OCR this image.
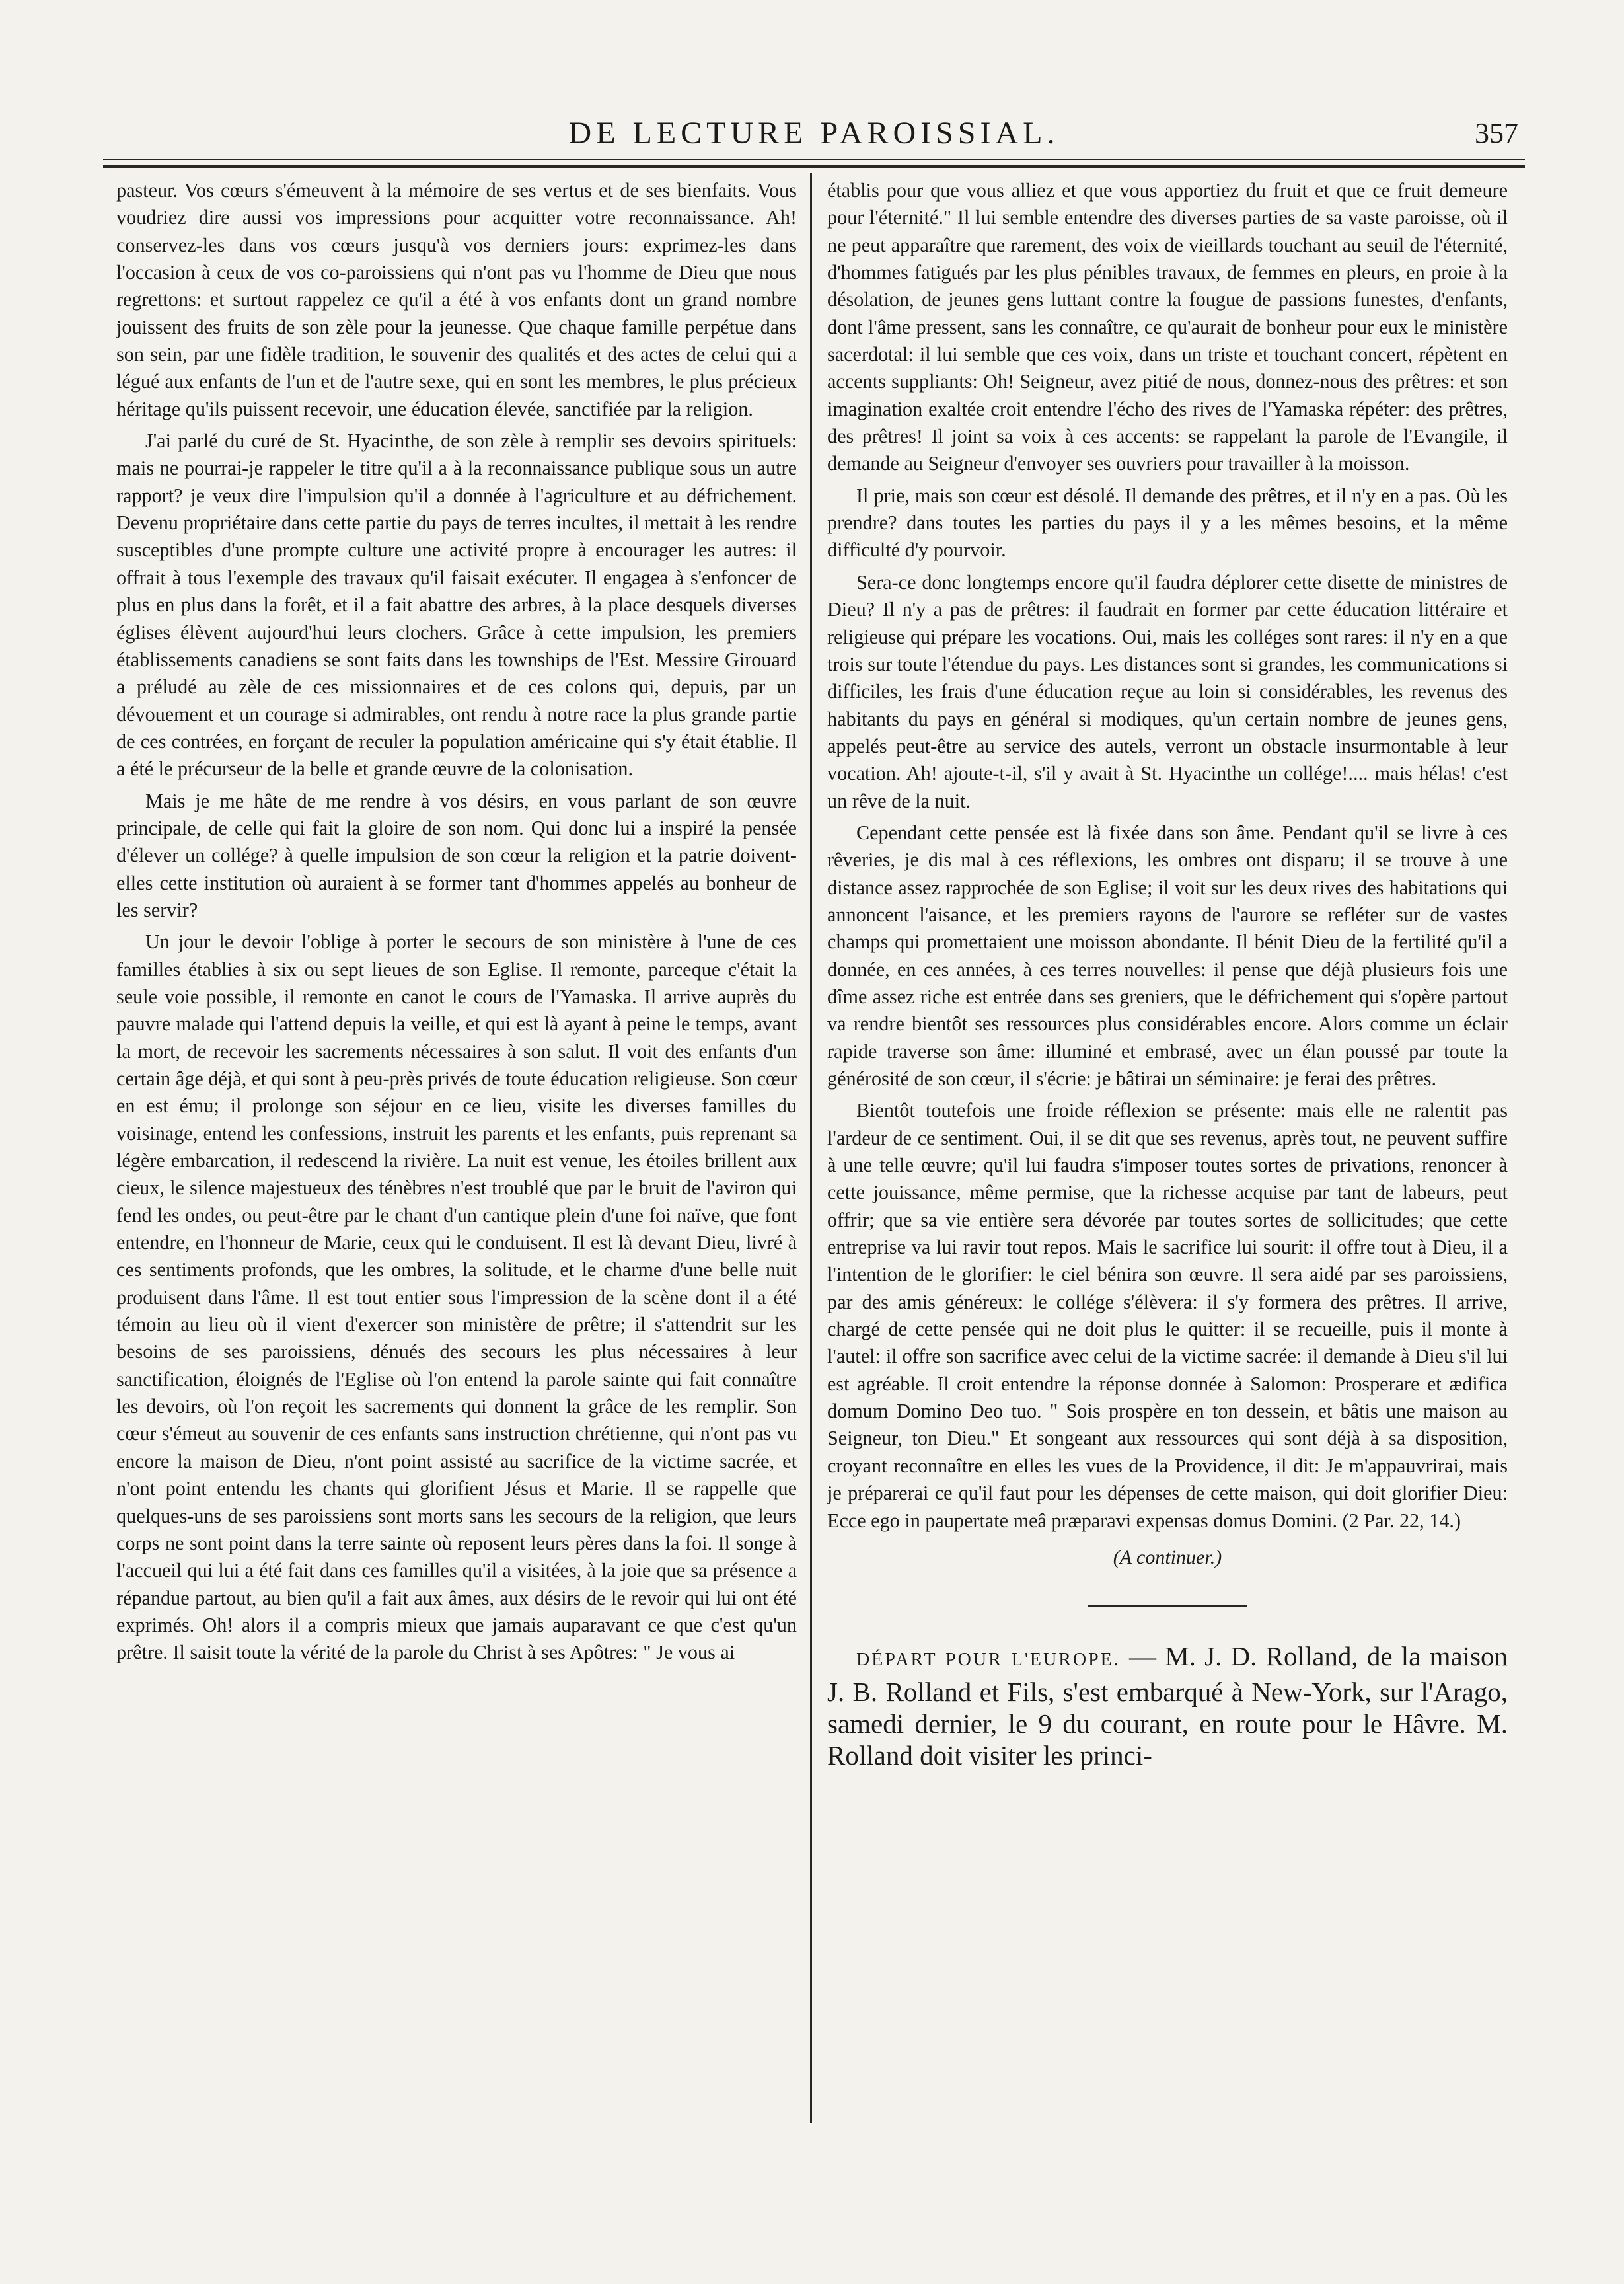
DE LECTURE PAROISSIAL.	357

pasteur. Vos cœurs s'émeuvent à la mémoire de ses vertus et de ses bienfaits. Vous voudriez dire aussi vos impressions pour acquitter votre reconnaissance. Ah! conservez-les dans vos cœurs jusqu'à vos derniers jours: exprimez-les dans l'occasion à ceux de vos co-paroissiens qui n'ont pas vu l'homme de Dieu que nous regrettons: et surtout rappelez ce qu'il a été à vos enfants dont un grand nombre jouissent des fruits de son zèle pour la jeunesse. Que chaque famille perpétue dans son sein, par une fidèle tradition, le souvenir des qualités et des actes de celui qui a légué aux enfants de l'un et de l'autre sexe, qui en sont les membres, le plus précieux héritage qu'ils puissent recevoir, une éducation élevée, sanctifiée par la religion.

J'ai parlé du curé de St. Hyacinthe, de son zèle à remplir ses devoirs spirituels: mais ne pourrai-je rappeler le titre qu'il a à la reconnaissance publique sous un autre rapport? je veux dire l'impulsion qu'il a donnée à l'agriculture et au défrichement. Devenu propriétaire dans cette partie du pays de terres incultes, il mettait à les rendre susceptibles d'une prompte culture une activité propre à encourager les autres: il offrait à tous l'exemple des travaux qu'il faisait exécuter. Il engagea à s'enfoncer de plus en plus dans la forêt, et il a fait abattre des arbres, à la place desquels diverses églises élèvent aujourd'hui leurs clochers. Grâce à cette impulsion, les premiers établissements canadiens se sont faits dans les townships de l'Est. Messire Girouard a préludé au zèle de ces missionnaires et de ces colons qui, depuis, par un dévouement et un courage si admirables, ont rendu à notre race la plus grande partie de ces contrées, en forçant de reculer la population américaine qui s'y était établie. Il a été le précurseur de la belle et grande œuvre de la colonisation.

Mais je me hâte de me rendre à vos désirs, en vous parlant de son œuvre principale, de celle qui fait la gloire de son nom. Qui donc lui a inspiré la pensée d'élever un collége? à quelle impulsion de son cœur la religion et la patrie doivent-elles cette institution où auraient à se former tant d'hommes appelés au bonheur de les servir?

Un jour le devoir l'oblige à porter le secours de son ministère à l'une de ces familles établies à six ou sept lieues de son Eglise. Il remonte, parceque c'était la seule voie possible, il remonte en canot le cours de l'Yamaska. Il arrive auprès du pauvre malade qui l'attend depuis la veille, et qui est là ayant à peine le temps, avant la mort, de recevoir les sacrements nécessaires à son salut. Il voit des enfants d'un certain âge déjà, et qui sont à peu-près privés de toute éducation religieuse. Son cœur en est ému; il prolonge son séjour en ce lieu, visite les diverses familles du voisinage, entend les confessions, instruit les parents et les enfants, puis reprenant sa légère embarcation, il redescend la rivière. La nuit est venue, les étoiles brillent aux cieux, le silence majestueux des ténèbres n'est troublé que par le bruit de l'aviron qui fend les ondes, ou peut-être par le chant d'un cantique plein d'une foi naïve, que font entendre, en l'honneur de Marie, ceux qui le conduisent. Il est là devant Dieu, livré à ces sentiments profonds, que les ombres, la solitude, et le charme d'une belle nuit produisent dans l'âme. Il est tout entier sous l'impression de la scène dont il a été témoin au lieu où il vient d'exercer son ministère de prêtre; il s'attendrit sur les besoins de ses paroissiens, dénués des secours les plus nécessaires à leur sanctification, éloignés de l'Eglise où l'on entend la parole sainte qui fait connaître les devoirs, où l'on reçoit les sacrements qui donnent la grâce de les remplir. Son cœur s'émeut au souvenir de ces enfants sans instruction chrétienne, qui n'ont pas vu encore la maison de Dieu, n'ont point assisté au sacrifice de la victime sacrée, et n'ont point entendu les chants qui glorifient Jésus et Marie. Il se rappelle que quelques-uns de ses paroissiens sont morts sans les secours de la religion, que leurs corps ne sont point dans la terre sainte où reposent leurs pères dans la foi. Il songe à l'accueil qui lui a été fait dans ces familles qu'il a visitées, à la joie que sa présence a répandue partout, au bien qu'il a fait aux âmes, aux désirs de le revoir qui lui ont été exprimés. Oh! alors il a compris mieux que jamais auparavant ce que c'est qu'un prêtre. Il saisit toute la vérité de la parole du Christ à ses Apôtres: " Je vous ai

établis pour que vous alliez et que vous apportiez du fruit et que ce fruit demeure pour l'éternité." Il lui semble entendre des diverses parties de sa vaste paroisse, où il ne peut apparaître que rarement, des voix de vieillards touchant au seuil de l'éternité, d'hommes fatigués par les plus pénibles travaux, de femmes en pleurs, en proie à la désolation, de jeunes gens luttant contre la fougue de passions funestes, d'enfants, dont l'âme pressent, sans les connaître, ce qu'aurait de bonheur pour eux le ministère sacerdotal: il lui semble que ces voix, dans un triste et touchant concert, répètent en accents suppliants: Oh! Seigneur, avez pitié de nous, donnez-nous des prêtres: et son imagination exaltée croit entendre l'écho des rives de l'Yamaska répéter: des prêtres, des prêtres! Il joint sa voix à ces accents: se rappelant la parole de l'Evangile, il demande au Seigneur d'envoyer ses ouvriers pour travailler à la moisson.

Il prie, mais son cœur est désolé. Il demande des prêtres, et il n'y en a pas. Où les prendre? dans toutes les parties du pays il y a les mêmes besoins, et la même difficulté d'y pourvoir.

Sera-ce donc longtemps encore qu'il faudra déplorer cette disette de ministres de Dieu? Il n'y a pas de prêtres: il faudrait en former par cette éducation littéraire et religieuse qui prépare les vocations. Oui, mais les colléges sont rares: il n'y en a que trois sur toute l'étendue du pays. Les distances sont si grandes, les communications si difficiles, les frais d'une éducation reçue au loin si considérables, les revenus des habitants du pays en général si modiques, qu'un certain nombre de jeunes gens, appelés peut-être au service des autels, verront un obstacle insurmontable à leur vocation. Ah! ajoute-t-il, s'il y avait à St. Hyacinthe un collége!.... mais hélas! c'est un rêve de la nuit.

Cependant cette pensée est là fixée dans son âme. Pendant qu'il se livre à ces rêveries, je dis mal à ces réflexions, les ombres ont disparu; il se trouve à une distance assez rapprochée de son Eglise; il voit sur les deux rives des habitations qui annoncent l'aisance, et les premiers rayons de l'aurore se refléter sur de vastes champs qui promettaient une moisson abondante. Il bénit Dieu de la fertilité qu'il a donnée, en ces années, à ces terres nouvelles: il pense que déjà plusieurs fois une dîme assez riche est entrée dans ses greniers, que le défrichement qui s'opère partout va rendre bientôt ses ressources plus considérables encore. Alors comme un éclair rapide traverse son âme: illuminé et embrasé, avec un élan poussé par toute la générosité de son cœur, il s'écrie: je bâtirai un séminaire: je ferai des prêtres.

Bientôt toutefois une froide réflexion se présente: mais elle ne ralentit pas l'ardeur de ce sentiment. Oui, il se dit que ses revenus, après tout, ne peuvent suffire à une telle œuvre; qu'il lui faudra s'imposer toutes sortes de privations, renoncer à cette jouissance, même permise, que la richesse acquise par tant de labeurs, peut offrir; que sa vie entière sera dévorée par toutes sortes de sollicitudes; que cette entreprise va lui ravir tout repos. Mais le sacrifice lui sourit: il offre tout à Dieu, il a l'intention de le glorifier: le ciel bénira son œuvre. Il sera aidé par ses paroissiens, par des amis généreux: le collége s'élèvera: il s'y formera des prêtres. Il arrive, chargé de cette pensée qui ne doit plus le quitter: il se recueille, puis il monte à l'autel: il offre son sacrifice avec celui de la victime sacrée: il demande à Dieu s'il lui est agréable. Il croit entendre la réponse donnée à Salomon: Prosperare et ædifica domum Domino Deo tuo. " Sois prospère en ton dessein, et bâtis une maison au Seigneur, ton Dieu." Et songeant aux ressources qui sont déjà à sa disposition, croyant reconnaître en elles les vues de la Providence, il dit: Je m'appauvrirai, mais je préparerai ce qu'il faut pour les dépenses de cette maison, qui doit glorifier Dieu: Ecce ego in paupertate meâ præparavi expensas domus Domini. (2 Par. 22, 14.)

(A continuer.)

DÉPART POUR L'EUROPE. — M. J. D. Rolland, de la maison J. B. Rolland et Fils, s'est embarqué à New-York, sur l'Arago, samedi dernier, le 9 du courant, en route pour le Hâvre. M. Rolland doit visiter les princi-
